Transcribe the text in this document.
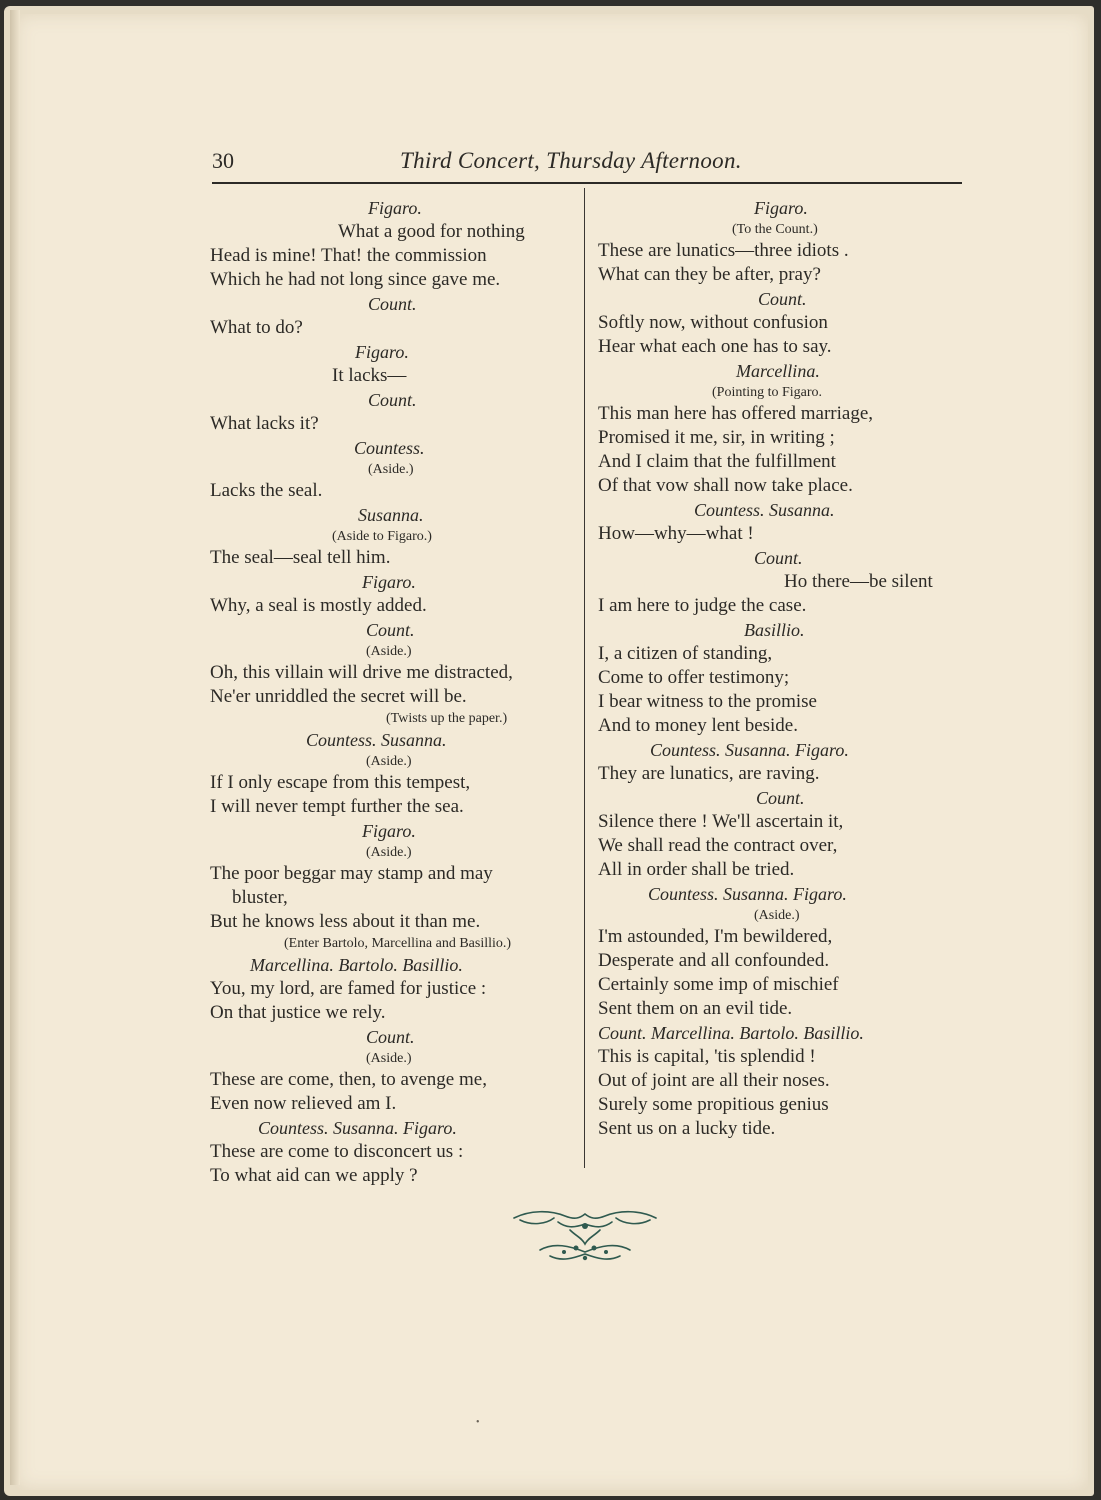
30	Third Concert, Thursday Afternoon.
Figaro.
What a good for nothing
Head is mine! That! the commission
Which he had not long since gave me.
Count.
What to do?
Figaro.
It lacks—
Count.
What lacks it?
Countess.
(Aside.)
Lacks the seal.
Susanna.
(Aside to Figaro.)
The seal—seal tell him.
Figaro.
Why, a seal is mostly added.
Count.
(Aside.)
Oh, this villain will drive me distracted,
Ne'er unriddled the secret will be.
(Twists up the paper.)
Countess. Susanna.
(Aside.)
If I only escape from this tempest,
I will never tempt further the sea.
Figaro.
(Aside.)
The poor beggar may stamp and may
bluster,
But he knows less about it than me.
(Enter Bartolo, Marcellina and Basillio.)
Marcellina. Bartolo. Basillio.
You, my lord, are famed for justice :
On that justice we rely.
Count.
(Aside.)
These are come, then, to avenge me,
Even now relieved am I.
Countess. Susanna. Figaro.
These are come to disconcert us :
To what aid can we apply ?
Figaro.
(To the Count.)
These are lunatics—three idiots .
What can they be after, pray?
Count.
Softly now, without confusion
Hear what each one has to say.
Marcellina.
(Pointing to Figaro.
This man here has offered marriage,
Promised it me, sir, in writing ;
And I claim that the fulfillment
Of that vow shall now take place.
Countess. Susanna.
How—why—what !
Count.
Ho there—be silent
I am here to judge the case.
Basillio.
I, a citizen of standing,
Come to offer testimony;
I bear witness to the promise
And to money lent beside.
Countess. Susanna. Figaro.
They are lunatics, are raving.
Count.
Silence there ! We'll ascertain it,
We shall read the contract over,
All in order shall be tried.
Countess. Susanna. Figaro.
(Aside.)
I'm astounded, I'm bewildered,
Desperate and all confounded.
Certainly some imp of mischief
Sent them on an evil tide.
Count. Marcellina. Bartolo. Basillio.
This is capital, 'tis splendid !
Out of joint are all their noses.
Surely some propitious genius
Sent us on a lucky tide.
•
